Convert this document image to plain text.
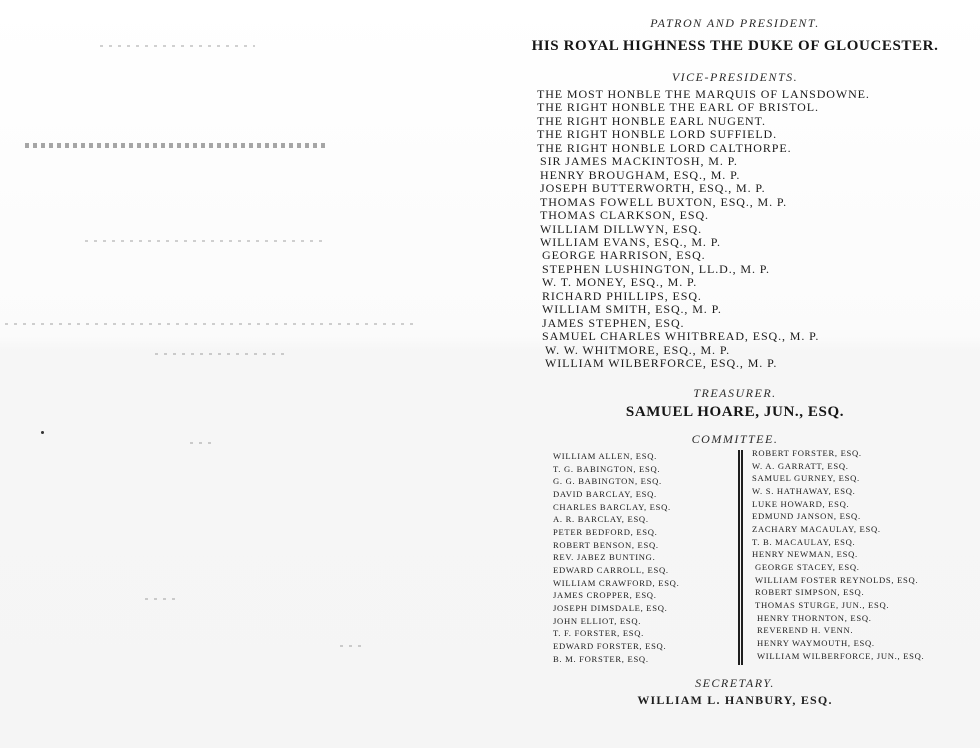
PATRON AND PRESIDENT.
HIS ROYAL HIGHNESS THE DUKE OF GLOUCESTER.
VICE-PRESIDENTS.
THE MOST HONBLE THE MARQUIS OF LANSDOWNE.
THE RIGHT HONBLE THE EARL OF BRISTOL.
THE RIGHT HONBLE EARL NUGENT.
THE RIGHT HONBLE LORD SUFFIELD.
THE RIGHT HONBLE LORD CALTHORPE.
SIR JAMES MACKINTOSH, M. P.
HENRY BROUGHAM, ESQ., M. P.
JOSEPH BUTTERWORTH, ESQ., M. P.
THOMAS FOWELL BUXTON, ESQ., M. P.
THOMAS CLARKSON, ESQ.
WILLIAM DILLWYN, ESQ.
WILLIAM EVANS, ESQ., M. P.
GEORGE HARRISON, ESQ.
STEPHEN LUSHINGTON, LL.D., M. P.
W. T. MONEY, ESQ., M. P.
RICHARD PHILLIPS, ESQ.
WILLIAM SMITH, ESQ., M. P.
JAMES STEPHEN, ESQ.
SAMUEL CHARLES WHITBREAD, ESQ., M. P.
W. W. WHITMORE, ESQ., M. P.
WILLIAM WILBERFORCE, ESQ., M. P.
TREASURER.
SAMUEL HOARE, JUN., ESQ.
COMMITTEE.
WILLIAM ALLEN, ESQ.
T. G. BABINGTON, ESQ.
G. G. BABINGTON, ESQ.
DAVID BARCLAY, ESQ.
CHARLES BARCLAY, ESQ.
A. R. BARCLAY, ESQ.
PETER BEDFORD, ESQ.
ROBERT BENSON, ESQ.
REV. JABEZ BUNTING.
EDWARD CARROLL, ESQ.
WILLIAM CRAWFORD, ESQ.
JAMES CROPPER, ESQ.
JOSEPH DIMSDALE, ESQ.
JOHN ELLIOT, ESQ.
T. F. FORSTER, ESQ.
EDWARD FORSTER, ESQ.
B. M. FORSTER, ESQ.
ROBERT FORSTER, ESQ.
W. A. GARRATT, ESQ.
SAMUEL GURNEY, ESQ.
W. S. HATHAWAY, ESQ.
LUKE HOWARD, ESQ.
EDMUND JANSON, ESQ.
ZACHARY MACAULAY, ESQ.
T. B. MACAULAY, ESQ.
HENRY NEWMAN, ESQ.
GEORGE STACEY, ESQ.
WILLIAM FOSTER REYNOLDS, ESQ.
ROBERT SIMPSON, ESQ.
THOMAS STURGE, JUN., ESQ.
HENRY THORNTON, ESQ.
REVEREND H. VENN.
HENRY WAYMOUTH, ESQ.
WILLIAM WILBERFORCE, JUN., ESQ.
SECRETARY.
WILLIAM L. HANBURY, ESQ.
